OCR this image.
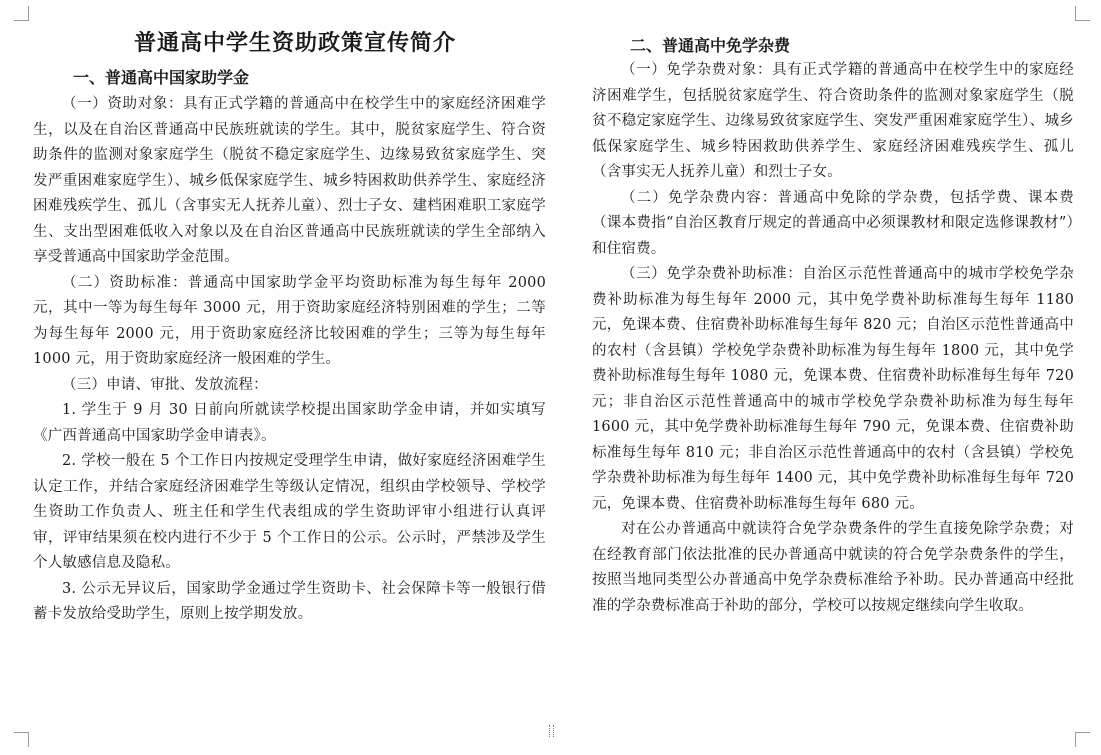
普通高中学生资助政策宣传简介
一、普通高中国家助学金

（一）资助对象：具有正式学籍的普通高中在校学生中的家庭经济困难学生，以及在自治区普通高中民族班就读的学生。其中，脱贫家庭学生、符合资助条件的监测对象家庭学生（脱贫不稳定家庭学生、边缘易致贫家庭学生、突发严重困难家庭学生）、城乡低保家庭学生、城乡特困救助供养学生、家庭经济困难残疾学生、孤儿（含事实无人抚养儿童）、烈士子女、建档困难职工家庭学生、支出型困难低收入对象以及在自治区普通高中民族班就读的学生全部纳入享受普通高中国家助学金范围。

（二）资助标准：普通高中国家助学金平均资助标准为每生每年 2000 元，其中一等为每生每年 3000 元，用于资助家庭经济特别困难的学生；二等为每生每年 2000 元，用于资助家庭经济比较困难的学生；三等为每生每年 1000 元，用于资助家庭经济一般困难的学生。

（三）申请、审批、发放流程：

1. 学生于 9 月 30 日前向所就读学校提出国家助学金申请，并如实填写《广西普通高中国家助学金申请表》。

2. 学校一般在 5 个工作日内按规定受理学生申请，做好家庭经济困难学生认定工作，并结合家庭经济困难学生等级认定情况，组织由学校领导、学校学生资助工作负责人、班主任和学生代表组成的学生资助评审小组进行认真评审，评审结果须在校内进行不少于 5 个工作日的公示。公示时，严禁涉及学生个人敏感信息及隐私。

3. 公示无异议后，国家助学金通过学生资助卡、社会保障卡等一般银行借蓄卡发放给受助学生，原则上按学期发放。

二、普通高中免学杂费

（一）免学杂费对象：具有正式学籍的普通高中在校学生中的家庭经济困难学生，包括脱贫家庭学生、符合资助条件的监测对象家庭学生（脱贫不稳定家庭学生、边缘易致贫家庭学生、突发严重困难家庭学生）、城乡低保家庭学生、城乡特困救助供养学生、家庭经济困难残疾学生、孤儿（含事实无人抚养儿童）和烈士子女。

（二）免学杂费内容：普通高中免除的学杂费，包括学费、课本费（课本费指“自治区教育厅规定的普通高中必须课教材和限定选修课教材”）和住宿费。

（三）免学杂费补助标准：自治区示范性普通高中的城市学校免学杂费补助标准为每生每年 2000 元，其中免学费补助标准每生每年 1180 元，免课本费、住宿费补助标准每生每年 820 元；自治区示范性普通高中的农村（含县镇）学校免学杂费补助标准为每生每年 1800 元，其中免学费补助标准每生每年 1080 元，免课本费、住宿费补助标准每生每年 720 元；非自治区示范性普通高中的城市学校免学杂费补助标准为每生每年 1600 元，其中免学费补助标准每生每年 790 元，免课本费、住宿费补助标准每生每年 810 元；非自治区示范性普通高中的农村（含县镇）学校免学杂费补助标准为每生每年 1400 元，其中免学费补助标准每生每年 720 元，免课本费、住宿费补助标准每生每年 680 元。

对在公办普通高中就读符合免学杂费条件的学生直接免除学杂费；对在经教育部门依法批准的民办普通高中就读的符合免学杂费条件的学生，按照当地同类型公办普通高中免学杂费标准给予补助。民办普通高中经批准的学杂费标准高于补助的部分，学校可以按规定继续向学生收取。
